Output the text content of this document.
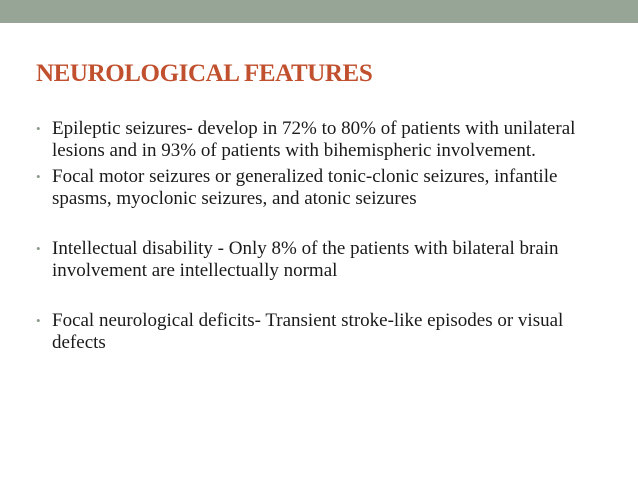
NEUROLOGICAL FEATURES
• Epileptic seizures- develop in 72% to 80% of patients with unilateral lesions and in 93% of patients with bihemispheric involvement.
• Focal motor seizures or generalized tonic-clonic seizures, infantile spasms, myoclonic seizures, and atonic seizures
• Intellectual disability - Only 8% of the patients with bilateral brain involvement are intellectually normal
• Focal neurological deficits- Transient stroke-like episodes or visual defects
